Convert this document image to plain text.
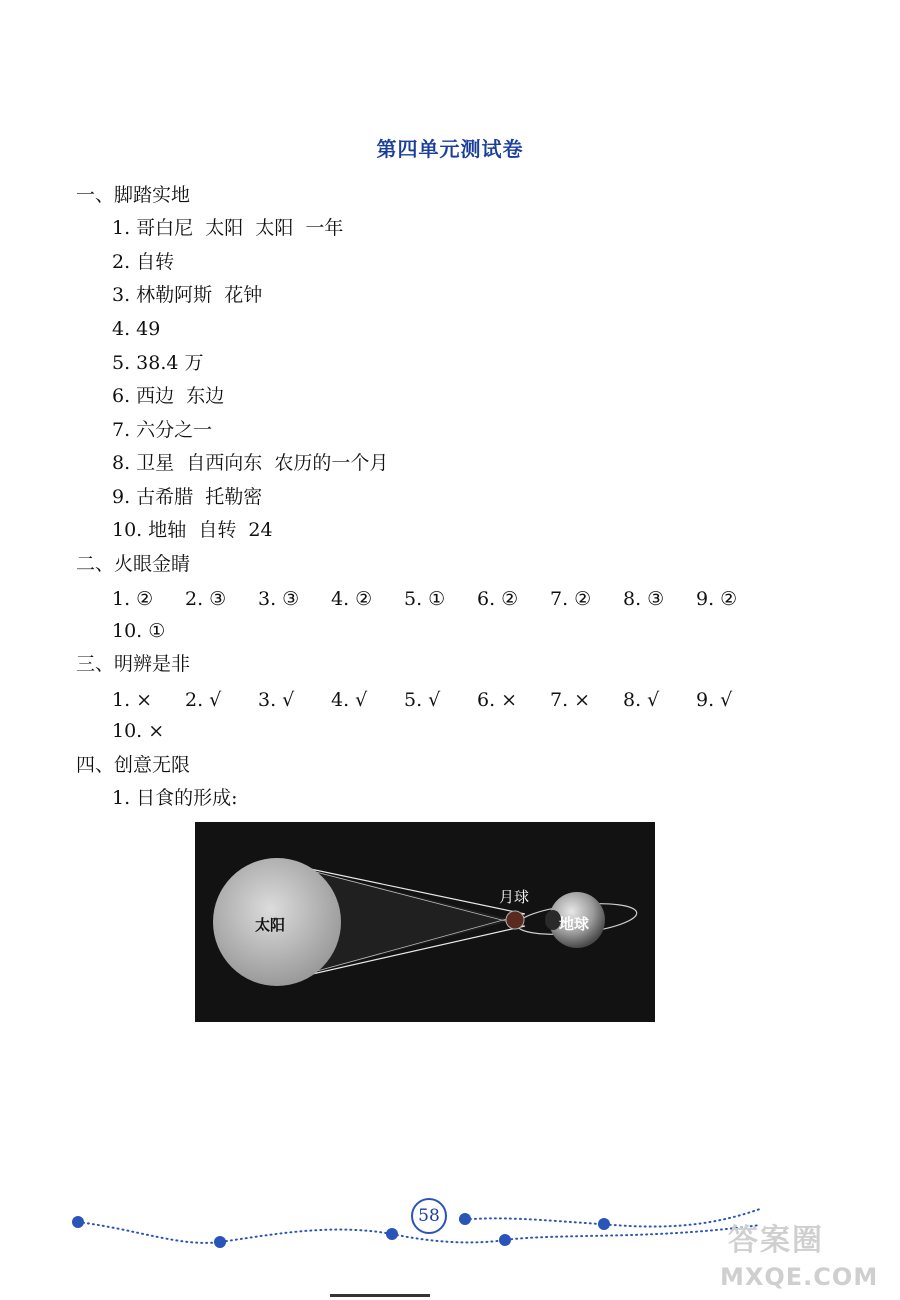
第四单元测试卷
一、脚踏实地
1. 哥白尼  太阳  太阳  一年
2. 自转
3. 林勒阿斯  花钟
4. 49
5. 38.4 万
6. 西边  东边
7. 六分之一
8. 卫星  自西向东  农历的一个月
9. 古希腊  托勒密
10. 地轴  自转  24
二、火眼金睛
1. ② 2. ③ 3. ③ 4. ② 5. ① 6. ② 7. ② 8. ③ 9. ②
10. ①
三、明辨是非
1. × 2. √ 3. √ 4. √ 5. √ 6. × 7. × 8. √ 9. √
10. ×
四、创意无限
1. 日食的形成:
太阳
月球
地球
58
答案圈
MXQE.COM
